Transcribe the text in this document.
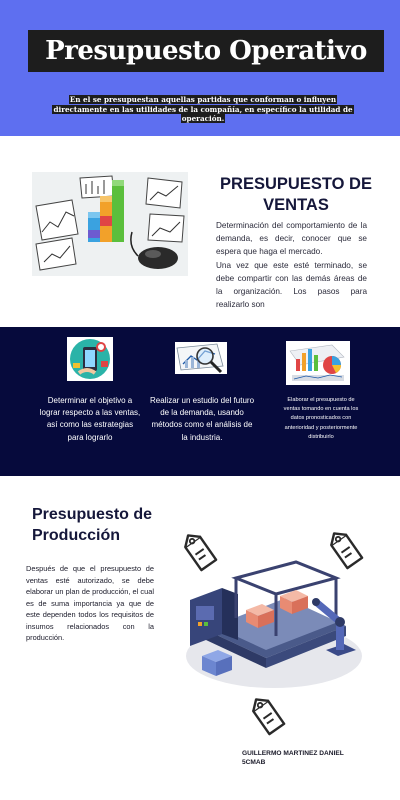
Presupuesto Operativo

En el se presupuestan aquellas partidas que conforman o influyen directamente en las utilidades de la compañía, en específico la utilidad de operación.

PRESUPUESTO DE VENTAS

Determinación del comportamiento de la demanda, es decir, conocer que se espera que haga el mercado.

Una vez que este esté terminado, se debe compartir con las demás áreas de la organización. Los pasos para realizarlo son

Determinar el objetivo a lograr respecto a las ventas, así como las estrategias para lograrlo

Realizar un estudio del futuro de la demanda, usando métodos como el análisis de la industria.

Elaborar el presupuesto de ventas tomando en cuenta los datos pronosticados con anterioridad y posteriormente distribuirlo

Presupuesto de Producción

Después de que el presupuesto de ventas esté autorizado, se debe elaborar un plan de producción, el cual es de suma importancia ya que de este dependen todos los requisitos de insumos relacionados con la producción.

GUILLERMO MARTINEZ DANIEL
5CMAB
